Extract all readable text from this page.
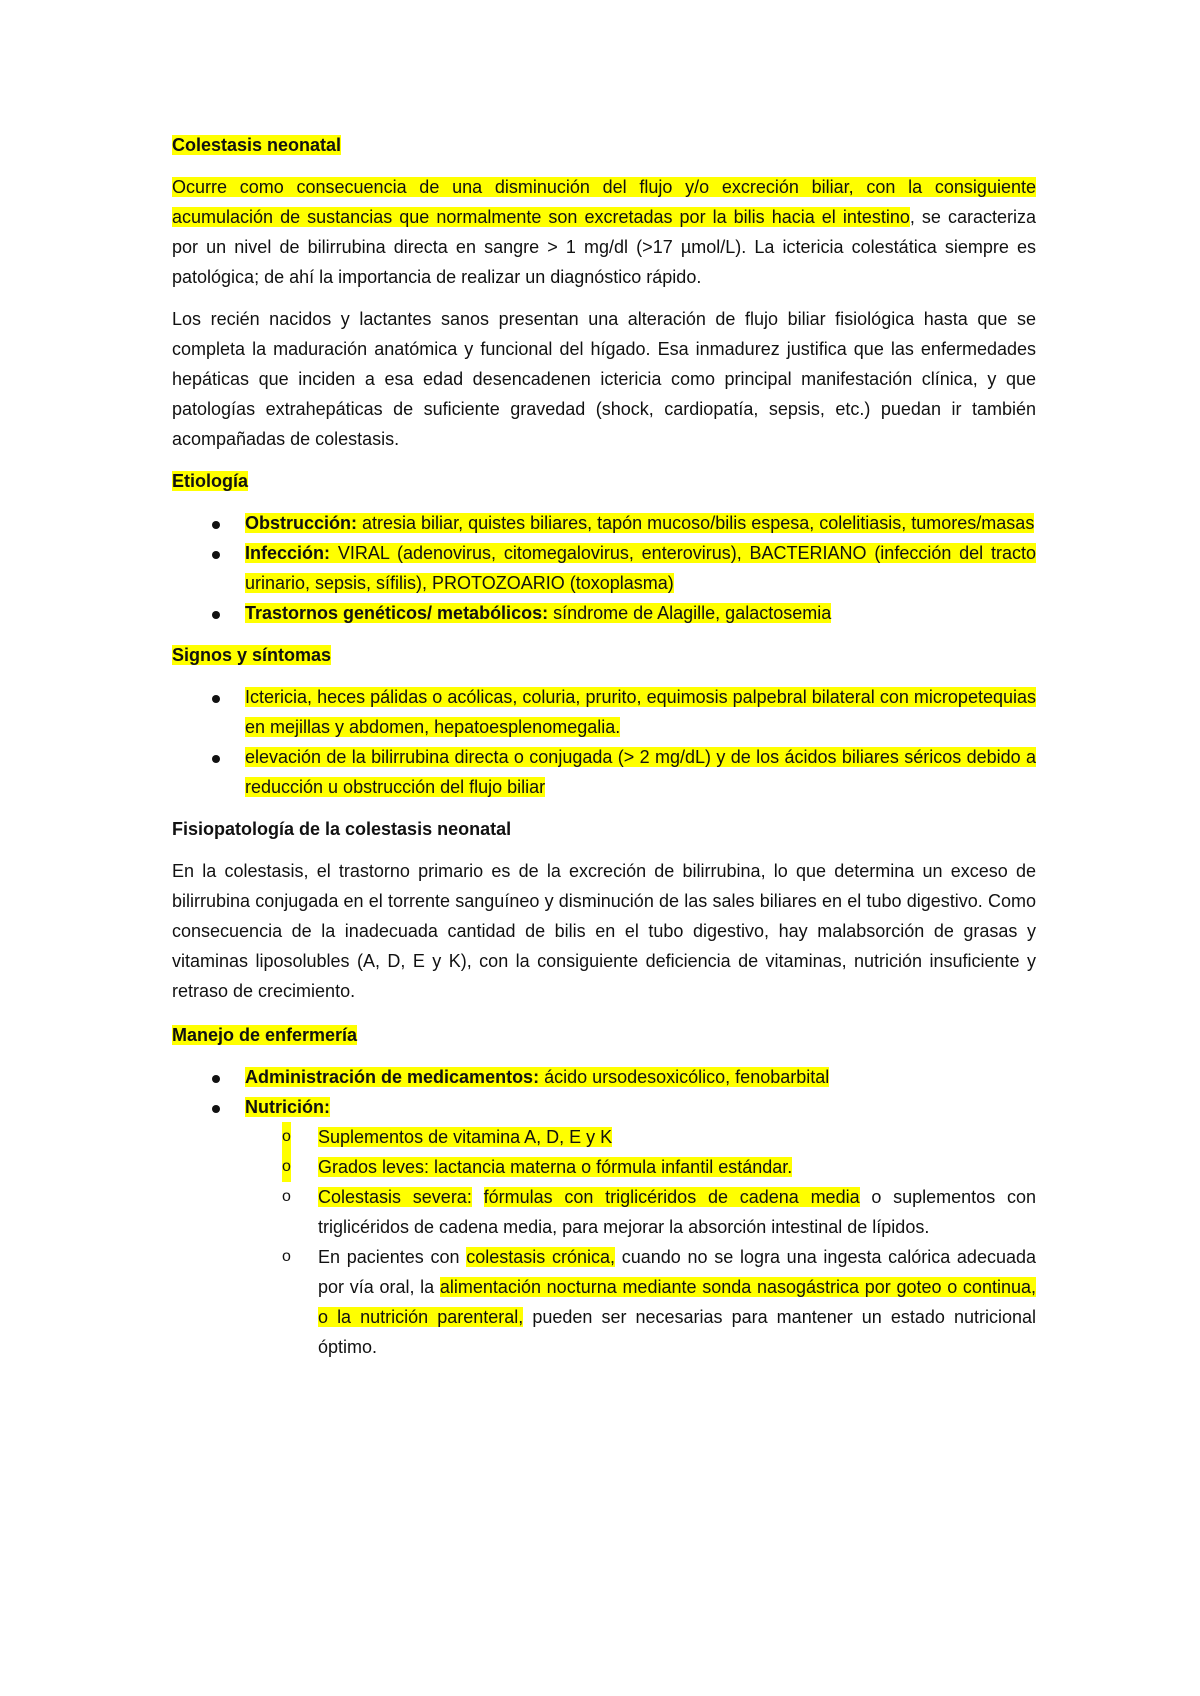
Colestasis neonatal

Ocurre como consecuencia de una disminución del flujo y/o excreción biliar, con la consiguiente acumulación de sustancias que normalmente son excretadas por la bilis hacia el intestino, se caracteriza por un nivel de bilirrubina directa en sangre > 1 mg/dl (>17 µmol/L). La ictericia colestática siempre es patológica; de ahí la importancia de realizar un diagnóstico rápido.

Los recién nacidos y lactantes sanos presentan una alteración de flujo biliar fisiológica hasta que se completa la maduración anatómica y funcional del hígado. Esa inmadurez justifica que las enfermedades hepáticas que inciden a esa edad desencadenen ictericia como principal manifestación clínica, y que patologías extrahepáticas de suficiente gravedad (shock, cardiopatía, sepsis, etc.) puedan ir también acompañadas de colestasis.

Etiología
Obstrucción: atresia biliar, quistes biliares, tapón mucoso/bilis espesa, colelitiasis, tumores/masas
Infección: VIRAL (adenovirus, citomegalovirus, enterovirus), BACTERIANO (infección del tracto urinario, sepsis, sífilis), PROTOZOARIO (toxoplasma)
Trastornos genéticos/ metabólicos: síndrome de Alagille, galactosemia
Signos y síntomas
Ictericia, heces pálidas o acólicas, coluria, prurito, equimosis palpebral bilateral con micropetequias en mejillas y abdomen, hepatoesplenomegalia.
elevación de la bilirrubina directa o conjugada (> 2 mg/dL) y de los ácidos biliares séricos debido a reducción u obstrucción del flujo biliar
Fisiopatología de la colestasis neonatal

En la colestasis, el trastorno primario es de la excreción de bilirrubina, lo que determina un exceso de bilirrubina conjugada en el torrente sanguíneo y disminución de las sales biliares en el tubo digestivo. Como consecuencia de la inadecuada cantidad de bilis en el tubo digestivo, hay malabsorción de grasas y vitaminas liposolubles (A, D, E y K), con la consiguiente deficiencia de vitaminas, nutrición insuficiente y retraso de crecimiento.

Manejo de enfermería
Administración de medicamentos: ácido ursodesoxicólico, fenobarbital
Nutrición:
o Suplementos de vitamina A, D, E y K
o Grados leves: lactancia materna o fórmula infantil estándar.
o Colestasis severa: fórmulas con triglicéridos de cadena media o suplementos con triglicéridos de cadena media, para mejorar la absorción intestinal de lípidos.
o En pacientes con colestasis crónica, cuando no se logra una ingesta calórica adecuada por vía oral, la alimentación nocturna mediante sonda nasogástrica por goteo o continua, o la nutrición parenteral, pueden ser necesarias para mantener un estado nutricional óptimo.
